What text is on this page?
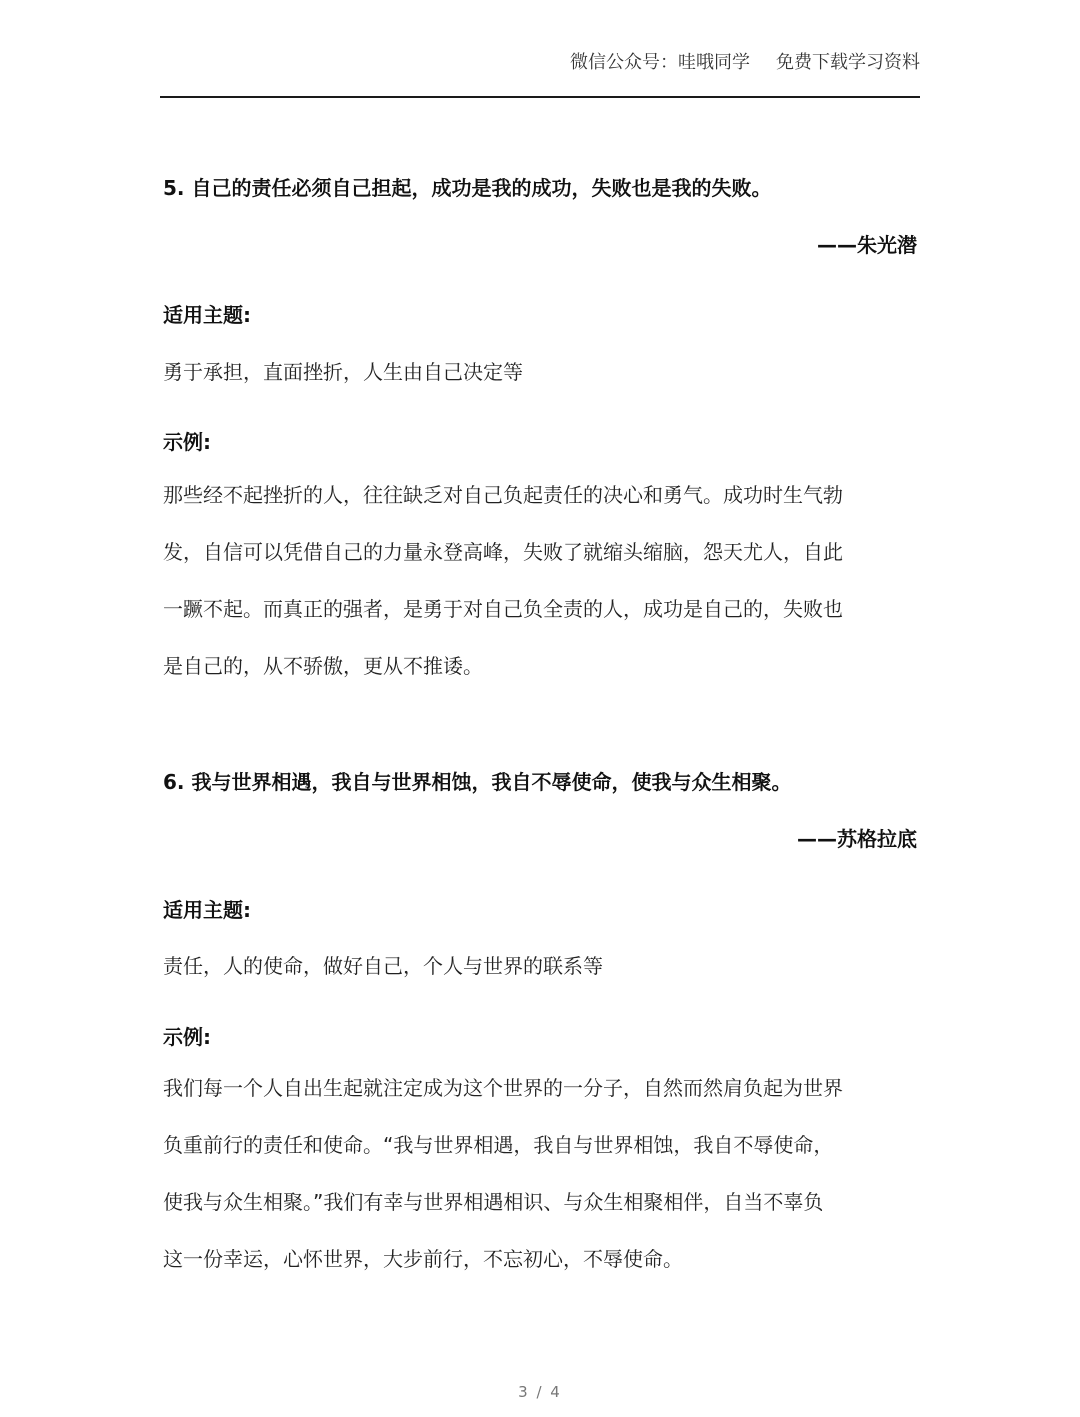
微信公众号：哇哦同学 免费下载学习资料
5. 自己的责任必须自己担起，成功是我的成功，失败也是我的失败。
——朱光潜
适用主题:
勇于承担，直面挫折，人生由自己决定等
示例:
那些经不起挫折的人，往往缺乏对自己负起责任的决心和勇气。成功时生气勃
发，自信可以凭借自己的力量永登高峰，失败了就缩头缩脑，怨天尤人，自此
一蹶不起。而真正的强者，是勇于对自己负全责的人，成功是自己的，失败也
是自己的，从不骄傲，更从不推诿。
6. 我与世界相遇，我自与世界相蚀，我自不辱使命，使我与众生相聚。
——苏格拉底
适用主题:
责任，人的使命，做好自己，个人与世界的联系等
示例:
我们每一个人自出生起就注定成为这个世界的一分子，自然而然肩负起为世界
负重前行的责任和使命。“我与世界相遇，我自与世界相蚀，我自不辱使命，
使我与众生相聚。”我们有幸与世界相遇相识、与众生相聚相伴，自当不辜负
这一份幸运，心怀世界，大步前行，不忘初心，不辱使命。
3 / 4
